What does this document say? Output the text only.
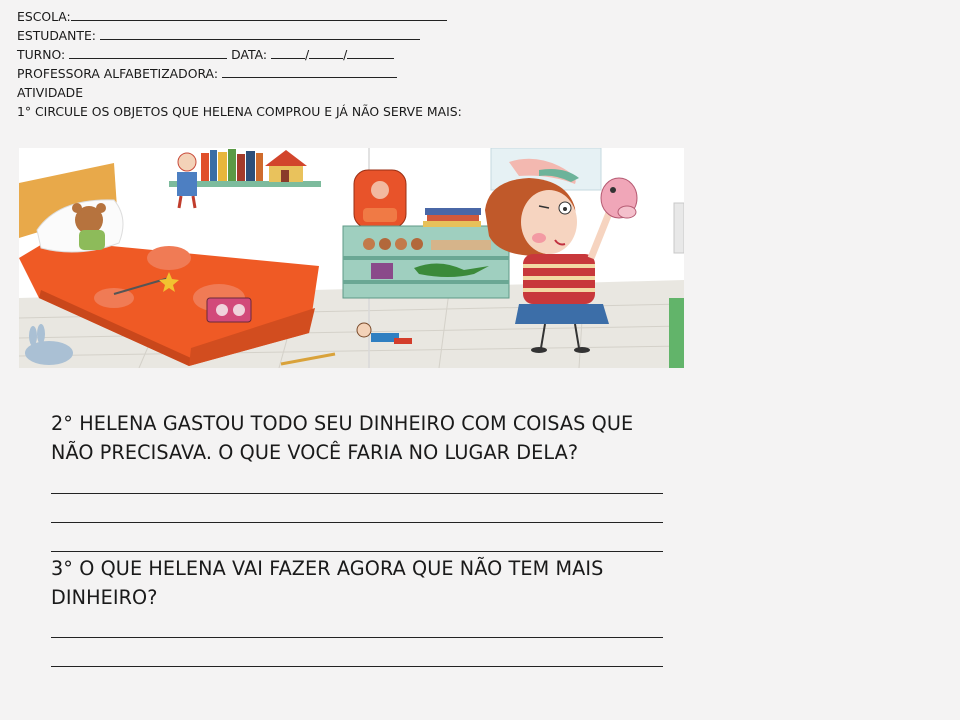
ESCOLA:
ESTUDANTE:
TURNO:	DATA:	/	/
PROFESSORA ALFABETIZADORA:
ATIVIDADE
1° CIRCULE OS OBJETOS QUE HELENA COMPROU E JÁ NÃO SERVE MAIS:
2° HELENA GASTOU TODO SEU DINHEIRO COM COISAS QUE
NÃO PRECISAVA. O QUE VOCÊ FARIA NO LUGAR DELA?
3° O QUE HELENA VAI FAZER AGORA QUE NÃO TEM MAIS
DINHEIRO?
